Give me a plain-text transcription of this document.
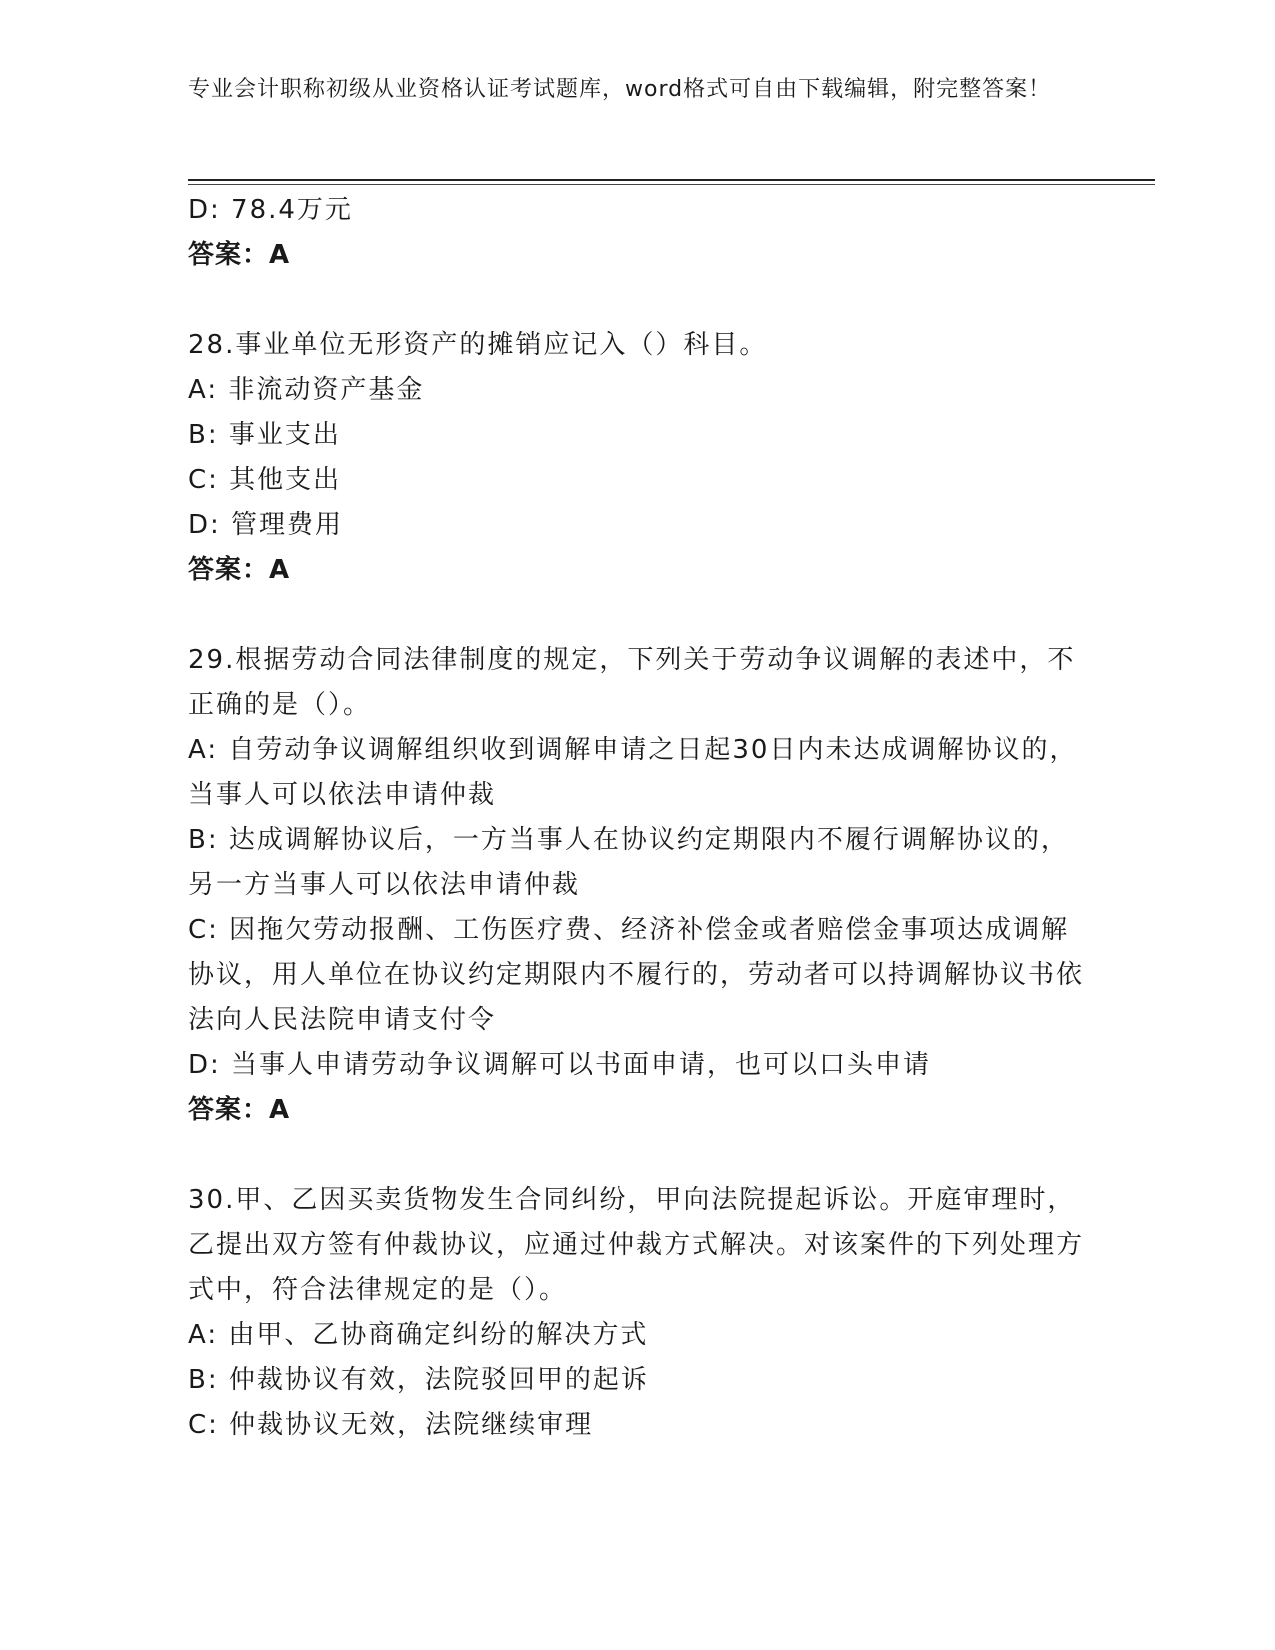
专业会计职称初级从业资格认证考试题库，word格式可自由下载编辑，附完整答案！

D: 78.4万元

答案：A

28.事业单位无形资产的摊销应记入（）科目。

A: 非流动资产基金

B: 事业支出

C: 其他支出

D: 管理费用

答案：A

29.根据劳动合同法律制度的规定，下列关于劳动争议调解的表述中，不正确的是（）。

A: 自劳动争议调解组织收到调解申请之日起30日内未达成调解协议的，当事人可以依法申请仲裁

B: 达成调解协议后，一方当事人在协议约定期限内不履行调解协议的，另一方当事人可以依法申请仲裁

C: 因拖欠劳动报酬、工伤医疗费、经济补偿金或者赔偿金事项达成调解协议，用人单位在协议约定期限内不履行的，劳动者可以持调解协议书依法向人民法院申请支付令

D: 当事人申请劳动争议调解可以书面申请，也可以口头申请

答案：A

30.甲、乙因买卖货物发生合同纠纷，甲向法院提起诉讼。开庭审理时，乙提出双方签有仲裁协议，应通过仲裁方式解决。对该案件的下列处理方式中，符合法律规定的是（）。

A: 由甲、乙协商确定纠纷的解决方式

B: 仲裁协议有效，法院驳回甲的起诉

C: 仲裁协议无效，法院继续审理
